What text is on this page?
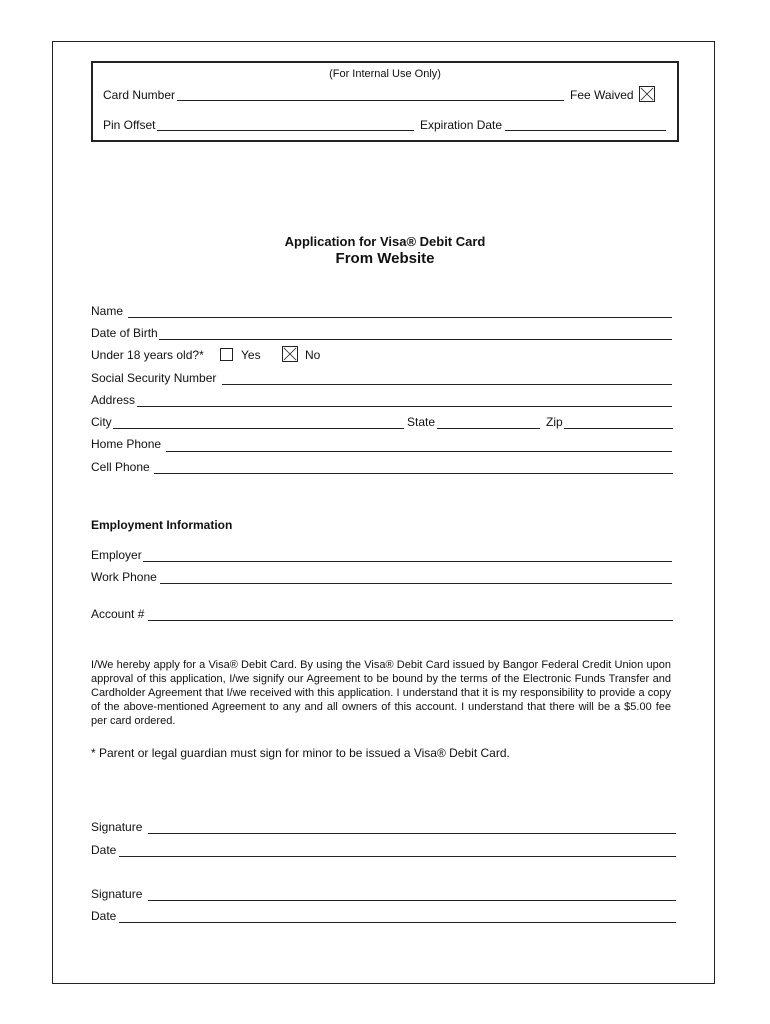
(For Internal Use Only)
Card Number	Fee Waived
Pin Offset	Expiration Date
Application for Visa® Debit Card
From Website
Name
Date of Birth
Under 18 years old?*	Yes	No
Social Security Number
Address
City	State	Zip
Home Phone
Cell Phone
Employment Information
Employer
Work Phone
Account #
I/We hereby apply for a Visa® Debit Card. By using the Visa® Debit Card issued by Bangor Federal Credit Union upon approval of this application, I/we signify our Agreement to be bound by the terms of the Electronic Funds Transfer and Cardholder Agreement that I/we received with this application. I understand that it is my responsibility to provide a copy of the above-mentioned Agreement to any and all owners of this account. I understand that there will be a $5.00 fee per card ordered.
* Parent or legal guardian must sign for minor to be issued a Visa® Debit Card.
Signature
Date
Signature
Date
